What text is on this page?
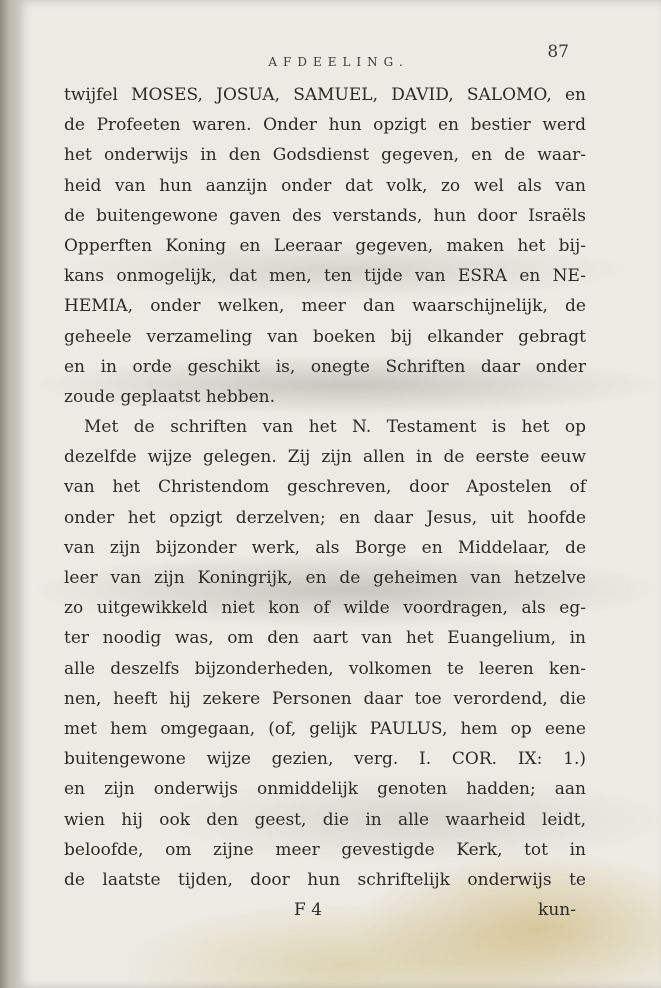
AFDEELING.	87
twijfel MOSES, JOSUA, SAMUEL, DAVID, SALOMO, en
de Profeeten waren. Onder hun opzigt en bestier werd
het onderwijs in den Godsdienst gegeven, en de waar-
heid van hun aanzijn onder dat volk, zo wel als van
de buitengewone gaven des verstands, hun door Israëls
Opperften Koning en Leeraar gegeven, maken het bij-
kans onmogelijk, dat men, ten tijde van ESRA en NE-
HEMIA, onder welken, meer dan waarschijnelijk, de
geheele verzameling van boeken bij elkander gebragt
en in orde geschikt is, onegte Schriften daar onder
zoude geplaatst hebben.
Met de schriften van het N. Testament is het op
dezelfde wijze gelegen. Zij zijn allen in de eerste eeuw
van het Christendom geschreven, door Apostelen of
onder het opzigt derzelven; en daar Jesus, uit hoofde
van zijn bijzonder werk, als Borge en Middelaar, de
leer van zijn Koningrijk, en de geheimen van hetzelve
zo uitgewikkeld niet kon of wilde voordragen, als eg-
ter noodig was, om den aart van het Euangelium, in
alle deszelfs bijzonderheden, volkomen te leeren ken-
nen, heeft hij zekere Personen daar toe verordend, die
met hem omgegaan, (of, gelijk PAULUS, hem op eene
buitengewone wijze gezien, verg. I. COR. IX: 1.)
en zijn onderwijs onmiddelijk genoten hadden; aan
wien hij ook den geest, die in alle waarheid leidt,
beloofde, om zijne meer gevestigde Kerk, tot in
de laatste tijden, door hun schriftelijk onderwijs te
F 4	kun-
